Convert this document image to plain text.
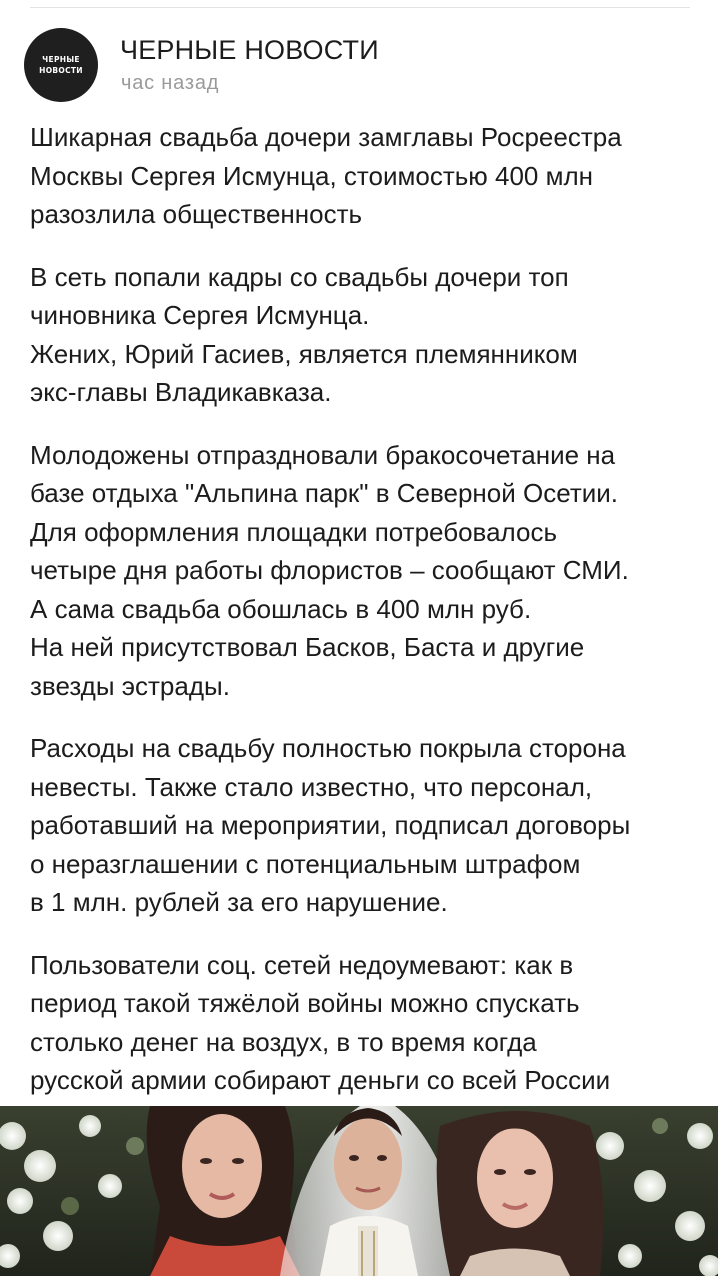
ЧЕРНЫЕ
НОВОСТИ
ЧЕРНЫЕ НОВОСТИ
час назад

Шикарная свадьба дочери замглавы Росреестра
Москвы Сергея Исмунца, стоимостью 400 млн
разозлила общественность

В сеть попали кадры со свадьбы дочери топ
чиновника Сергея Исмунца.
Жених, Юрий Гасиев, является племянником
экс-главы Владикавказа.

Молодожены отпраздновали бракосочетание на
базе отдыха "Альпина парк" в Северной Осетии.
Для оформления площадки потребовалось
четыре дня работы флористов – сообщают СМИ.
А сама свадьба обошлась в 400 млн руб.
На ней присутствовал Басков, Баста и другие
звезды эстрады.

Расходы на свадьбу полностью покрыла сторона
невесты. Также стало известно, что персонал,
работавший на мероприятии, подписал договоры
о неразглашении с потенциальным штрафом
в 1 млн. рублей за его нарушение.

Пользователи соц. сетей недоумевают: как в
период такой тяжёлой войны можно спускать
столько денег на воздух, в то время когда
русской армии собирают деньги со всей России
